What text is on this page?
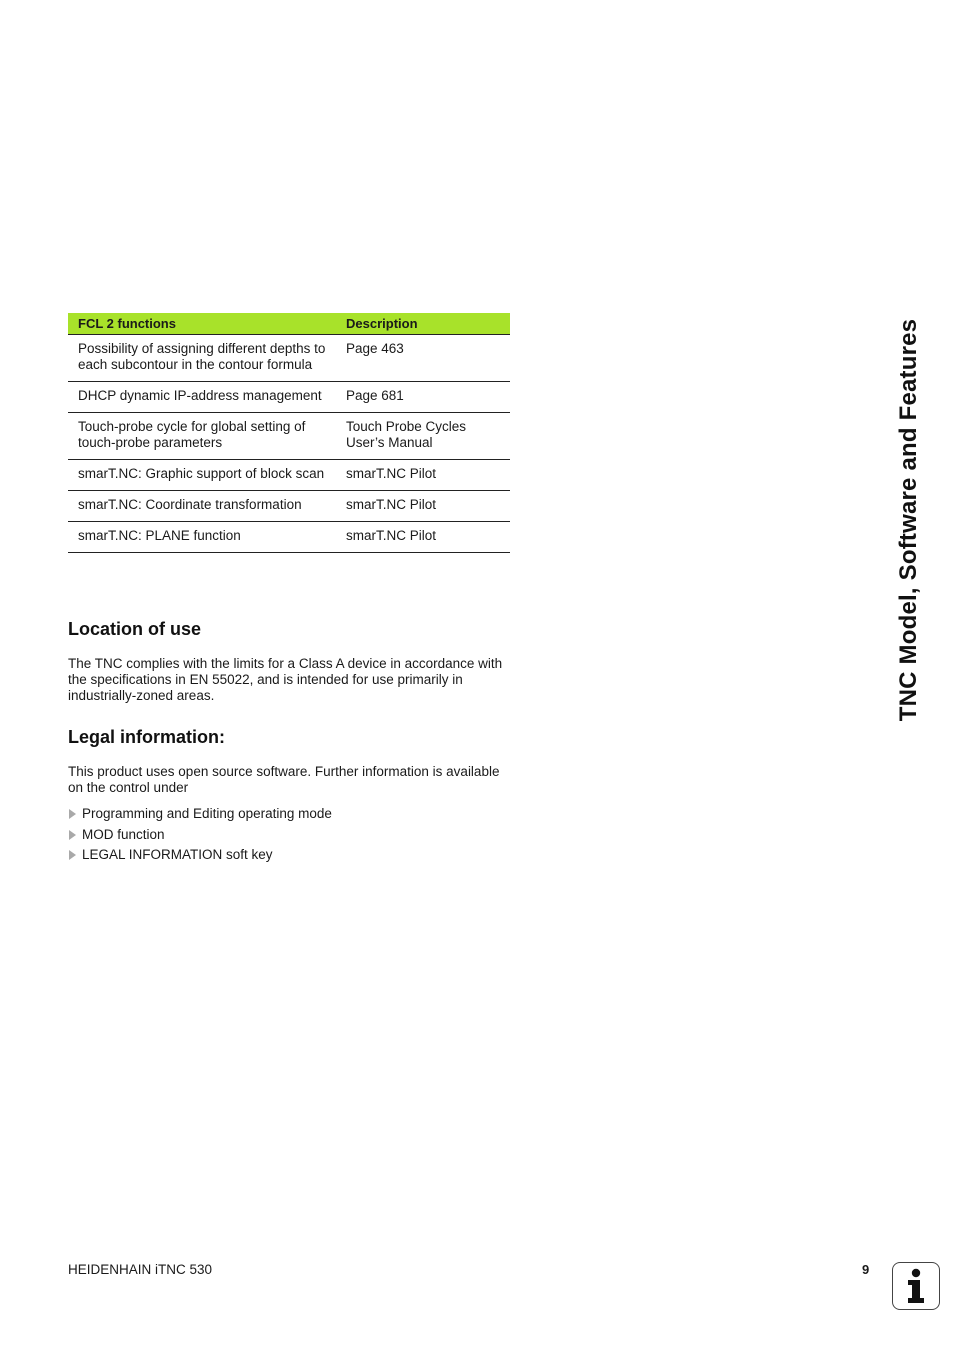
FCL 2 functions	Description
Possibility of assigning different depths to each subcontour in the contour formula	Page 463
DHCP dynamic IP-address management	Page 681
Touch-probe cycle for global setting of touch-probe parameters	Touch Probe Cycles User’s Manual
smarT.NC: Graphic support of block scan	smarT.NC Pilot
smarT.NC: Coordinate transformation	smarT.NC Pilot
smarT.NC: PLANE function	smarT.NC Pilot
Location of use

The TNC complies with the limits for a Class A device in accordance with the specifications in EN 55022, and is intended for use primarily in industrially-zoned areas.

Legal information:

This product uses open source software. Further information is available on the control under

Programming and Editing operating mode
MOD function
LEGAL INFORMATION soft key
TNC Model, Software and Features
HEIDENHAIN iTNC 530	9
